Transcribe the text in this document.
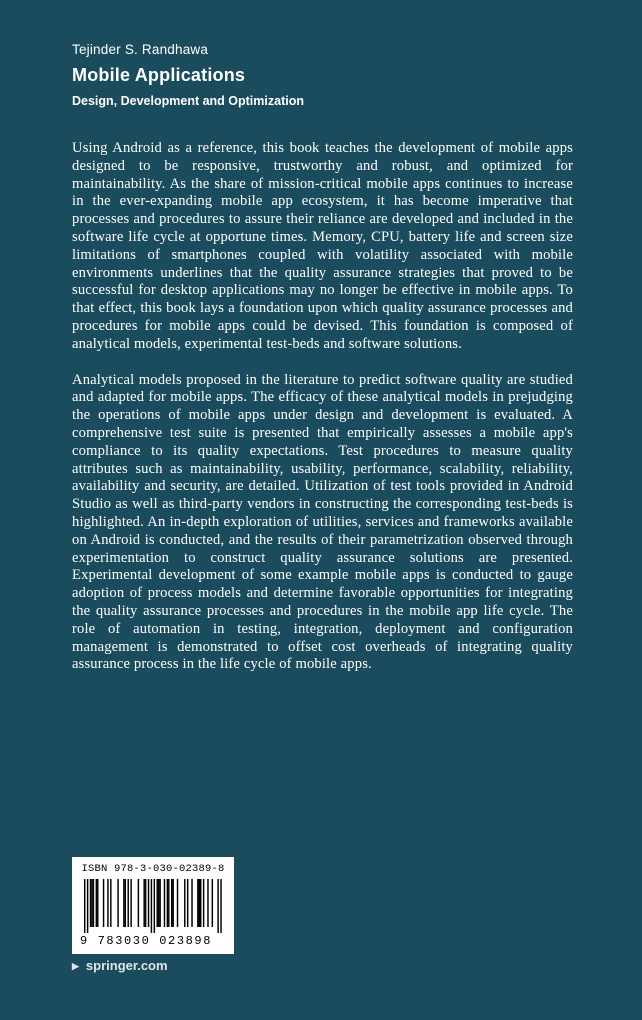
Tejinder S. Randhawa
Mobile Applications
Design, Development and Optimization

Using Android as a reference, this book teaches the development of mobile apps designed to be responsive, trustworthy and robust, and optimized for maintainability. As the share of mission-critical mobile apps continues to increase in the ever-expanding mobile app ecosystem, it has become imperative that processes and procedures to assure their reliance are developed and included in the software life cycle at opportune times. Memory, CPU, battery life and screen size limitations of smartphones coupled with volatility associated with mobile environments underlines that the quality assurance strategies that proved to be successful for desktop applications may no longer be effective in mobile apps. To that effect, this book lays a foundation upon which quality assurance processes and procedures for mobile apps could be devised. This foundation is composed of analytical models, experimental test-beds and software solutions.

Analytical models proposed in the literature to predict software quality are studied and adapted for mobile apps. The efficacy of these analytical models in prejudging the operations of mobile apps under design and development is evaluated. A comprehensive test suite is presented that empirically assesses a mobile app's compliance to its quality expectations. Test procedures to measure quality attributes such as maintainability, usability, performance, scalability, reliability, availability and security, are detailed. Utilization of test tools provided in Android Studio as well as third-party vendors in constructing the corresponding test-beds is highlighted. An in-depth exploration of utilities, services and frameworks available on Android is conducted, and the results of their parametrization observed through experimentation to construct quality assurance solutions are presented. Experimental development of some example mobile apps is conducted to gauge adoption of process models and determine favorable opportunities for integrating the quality assurance processes and procedures in the mobile app life cycle. The role of automation in testing, integration, deployment and configuration management is demonstrated to offset cost overheads of integrating quality assurance process in the life cycle of mobile apps.

ISBN 978-3-030-02389-8
9 783030 023898
▶ springer.com
